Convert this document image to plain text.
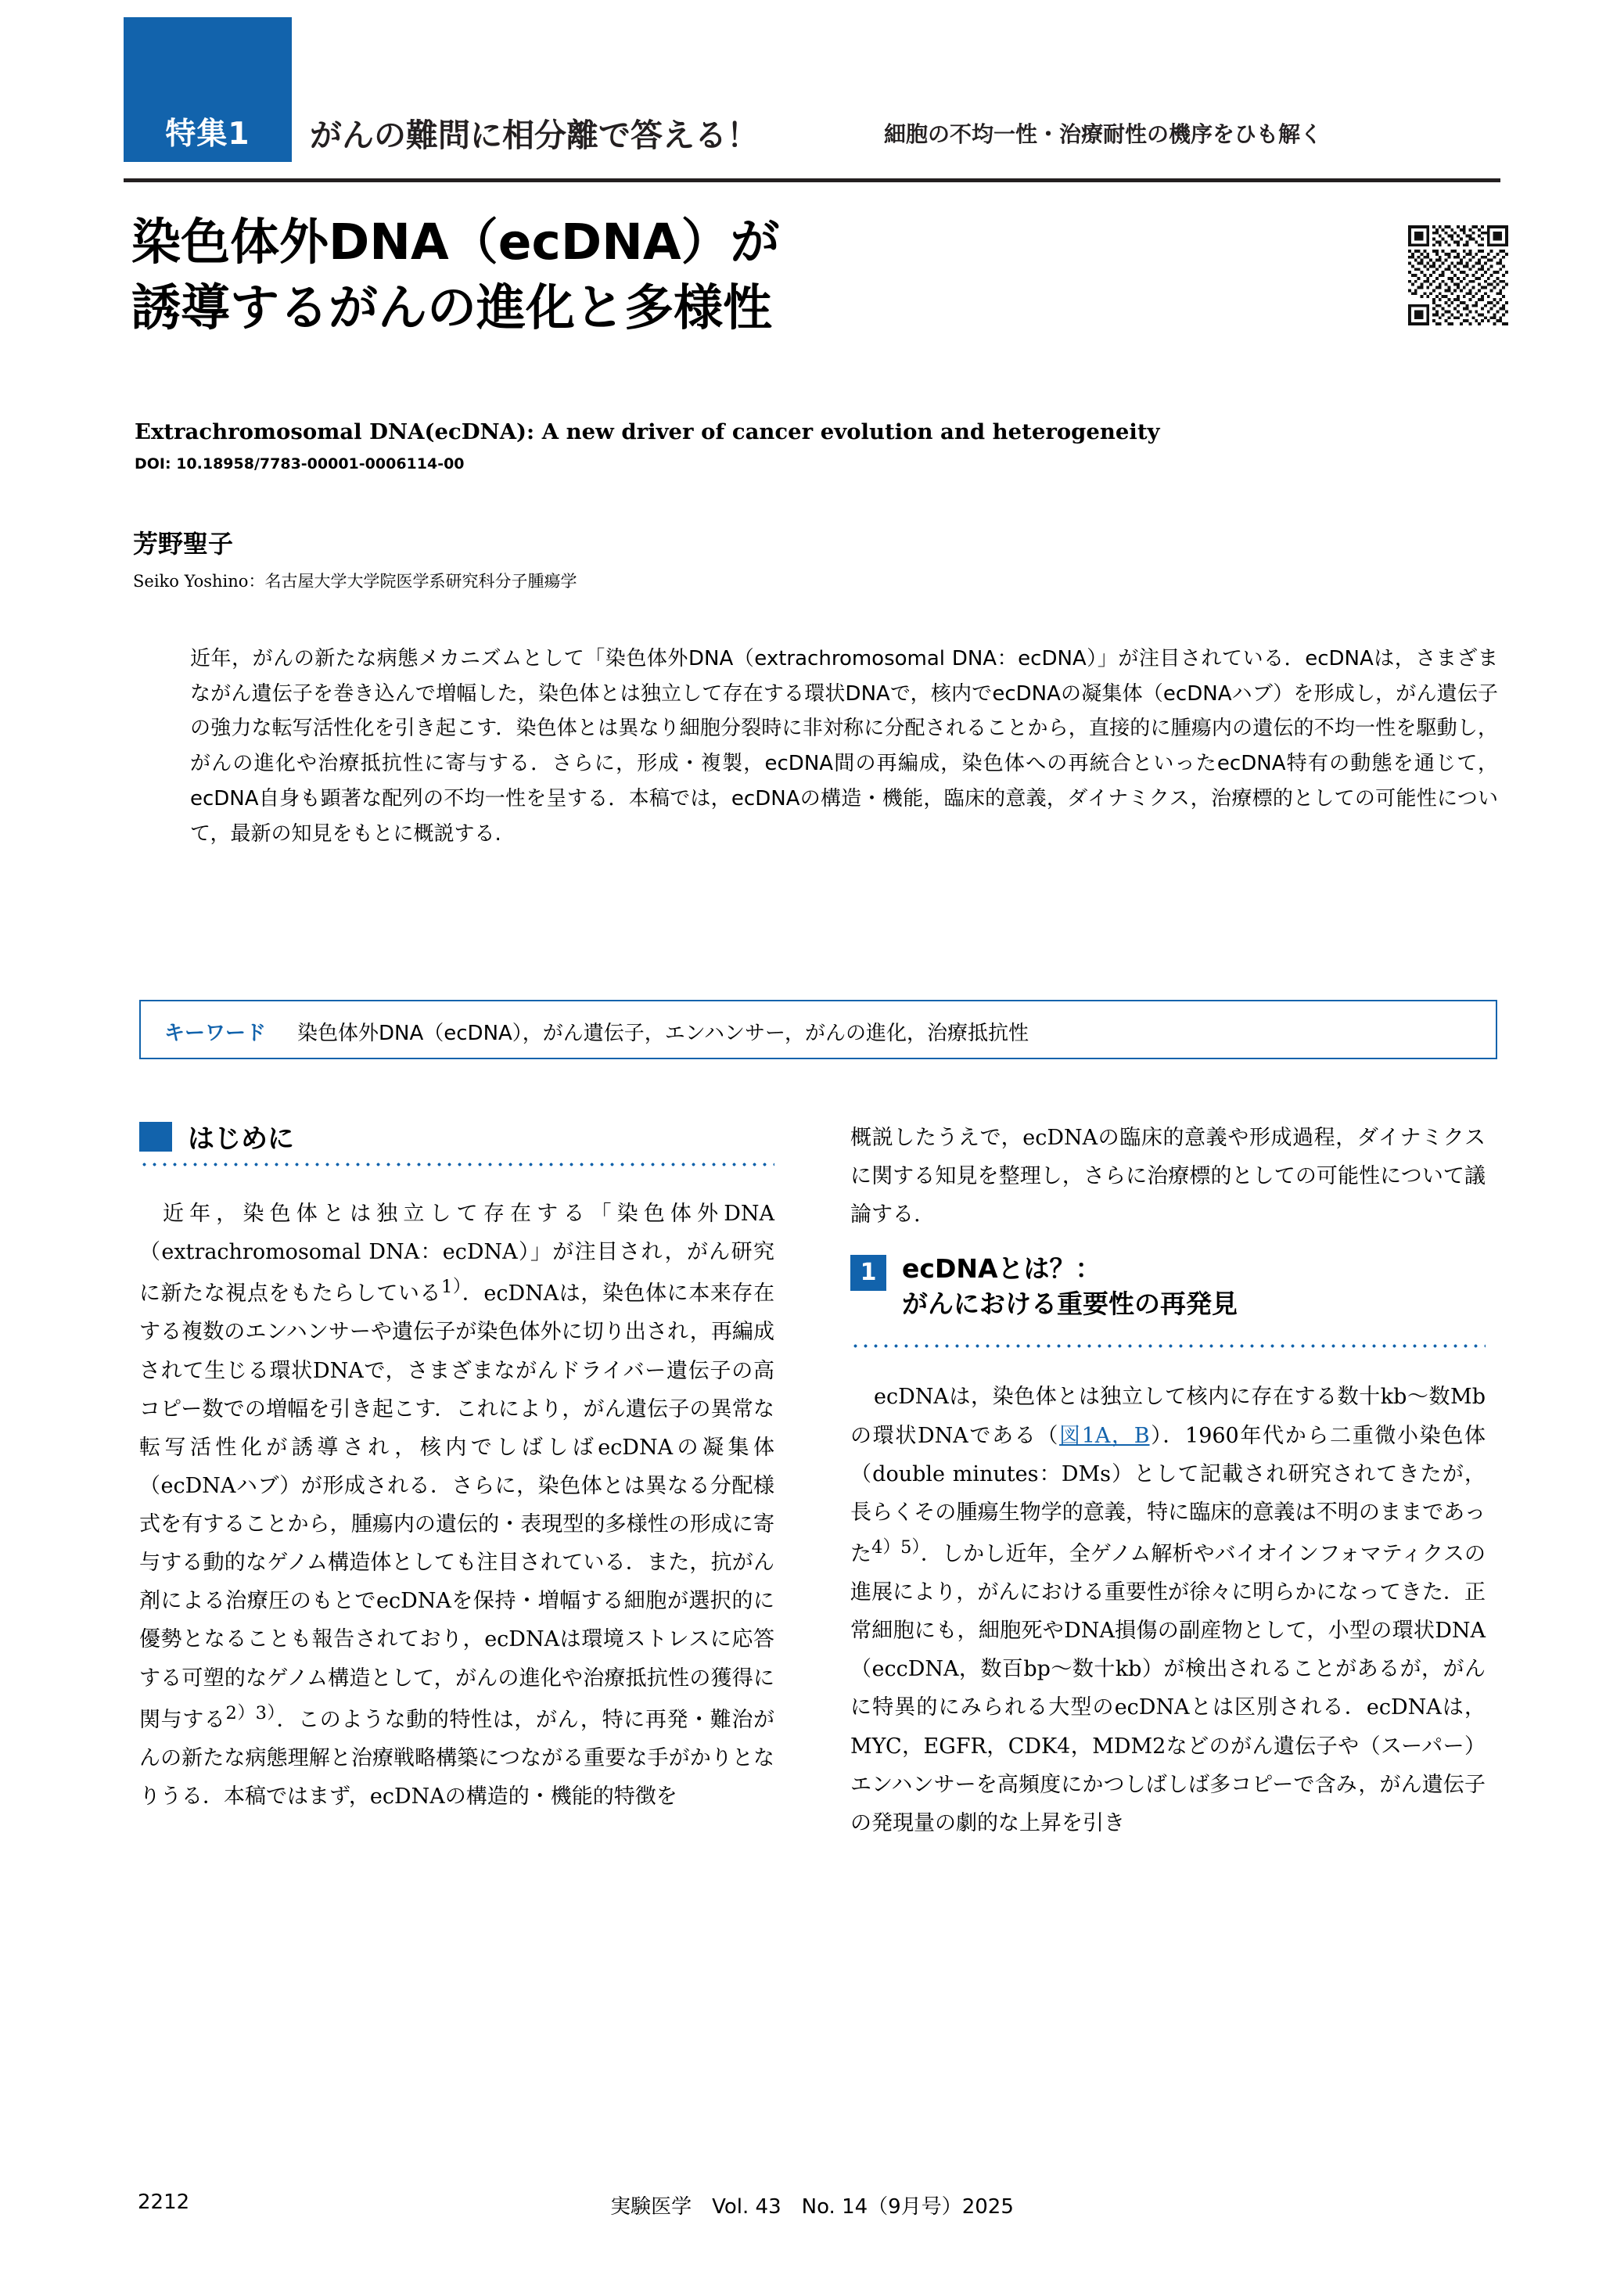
特集1	がんの難問に相分離で答える！	細胞の不均一性・治療耐性の機序をひも解く
染色体外DNA（ecDNA）が
誘導するがんの進化と多様性
Extrachromosomal DNA(ecDNA): A new driver of cancer evolution and heterogeneity
DOI: 10.18958/7783-00001-0006114-00
芳野聖子
Seiko Yoshino：名古屋大学大学院医学系研究科分子腫瘍学
近年，がんの新たな病態メカニズムとして「染色体外DNA（extrachromosomal DNA：ecDNA）」が注目されている．ecDNAは，さまざまながん遺伝子を巻き込んで増幅した，染色体とは独立して存在する環状DNAで，核内でecDNAの凝集体（ecDNAハブ）を形成し，がん遺伝子の強力な転写活性化を引き起こす．染色体とは異なり細胞分裂時に非対称に分配されることから，直接的に腫瘍内の遺伝的不均一性を駆動し，がんの進化や治療抵抗性に寄与する．さらに，形成・複製，ecDNA間の再編成，染色体への再統合といったecDNA特有の動態を通じて，ecDNA自身も顕著な配列の不均一性を呈する．本稿では，ecDNAの構造・機能，臨床的意義，ダイナミクス，治療標的としての可能性について，最新の知見をもとに概説する.
キーワード 染色体外DNA（ecDNA），がん遺伝子，エンハンサー，がんの進化，治療抵抗性
はじめに

近年，染色体とは独立して存在する「染色体外DNA（extrachromosomal DNA：ecDNA）」が注目され，がん研究に新たな視点をもたらしている$^{1)}$．ecDNAは，染色体に本来存在する複数のエンハンサーや遺伝子が染色体外に切り出され，再編成されて生じる環状DNAで，さまざまながんドライバー遺伝子の高コピー数での増幅を引き起こす．これにより，がん遺伝子の異常な転写活性化が誘導され，核内でしばしばecDNAの凝集体（ecDNAハブ）が形成される．さらに，染色体とは異なる分配様式を有することから，腫瘍内の遺伝的・表現型的多様性の形成に寄与する動的なゲノム構造体としても注目されている．また，抗がん剤による治療圧のもとでecDNAを保持・増幅する細胞が選択的に優勢となることも報告されており，ecDNAは環境ストレスに応答する可塑的なゲノム構造として，がんの進化や治療抵抗性の獲得に関与する$^{2)3)}$．このような動的特性は，がん，特に再発・難治がんの新たな病態理解と治療戦略構築につながる重要な手がかりとなりうる．本稿ではまず，ecDNAの構造的・機能的特徴を

概説したうえで，ecDNAの臨床的意義や形成過程，ダイナミクスに関する知見を整理し，さらに治療標的としての可能性について議論する.

1 ecDNAとは？：
がんにおける重要性の再発見

ecDNAは，染色体とは独立して核内に存在する数十kb～数Mbの環状DNAである（図1A，B）．1960年代から二重微小染色体（double minutes：DMs）として記載され研究されてきたが，長らくその腫瘍生物学的意義，特に臨床的意義は不明のままであった$^{4)5)}$．しかし近年，全ゲノム解析やバイオインフォマティクスの進展により，がんにおける重要性が徐々に明らかになってきた．正常細胞にも，細胞死やDNA損傷の副産物として，小型の環状DNA（eccDNA，数百bp～数十kb）が検出されることがあるが，がんに特異的にみられる大型のecDNAとは区別される．ecDNAは，MYC，EGFR，CDK4，MDM2などのがん遺伝子や（スーパー）エンハンサーを高頻度にかつしばしば多コピーで含み，がん遺伝子の発現量の劇的な上昇を引き

2212	実験医学　Vol. 43　No. 14（9月号）2025
